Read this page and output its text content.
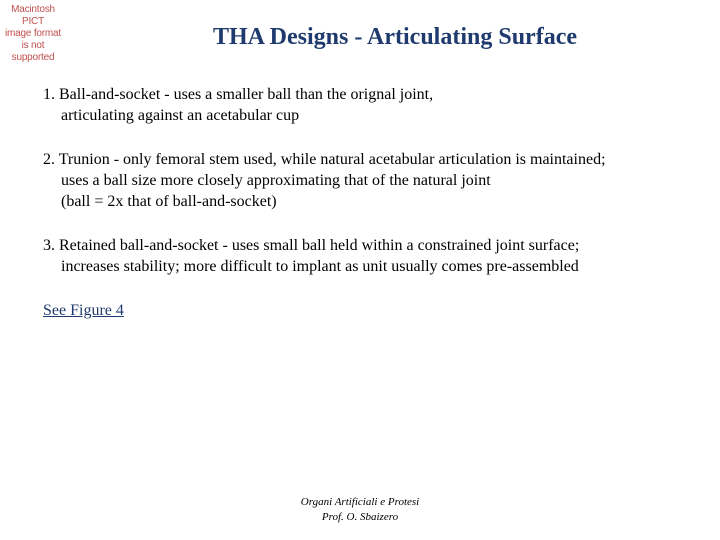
Macintosh PICT
image format
is not supported
THA Designs - Articulating Surface
1. Ball-and-socket - uses a smaller ball than the orignal joint,
articulating against an acetabular cup
2. Trunion - only femoral stem used, while natural acetabular articulation is maintained;
uses a ball size more closely approximating that of the natural joint
(ball = 2x that of ball-and-socket)
3. Retained ball-and-socket - uses small ball held within a constrained joint surface;
increases stability; more difficult to implant as unit usually comes pre-assembled
See Figure 4
Organi Artificiali e Protesi
Prof. O. Sbaizero
